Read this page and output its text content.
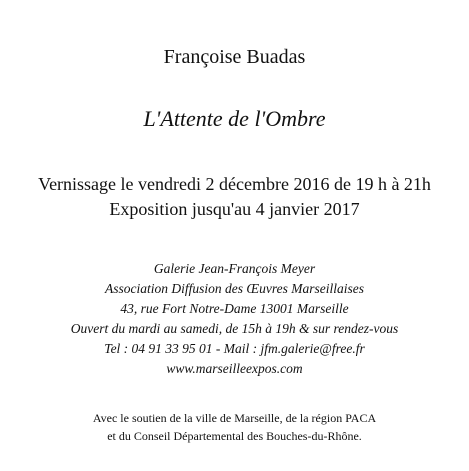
Françoise Buadas
L'Attente de l'Ombre
Vernissage le vendredi 2 décembre 2016 de 19 h à 21h
Exposition jusqu'au 4 janvier 2017
Galerie Jean-François Meyer
Association Diffusion des Œuvres Marseillaises
43, rue Fort Notre-Dame 13001 Marseille
Ouvert du mardi au samedi, de 15h à 19h & sur rendez-vous
Tel : 04 91 33 95 01 - Mail : jfm.galerie@free.fr
www.marseilleexpos.com
Avec le soutien de la ville de Marseille, de la région PACA
et du Conseil Départemental des Bouches-du-Rhône.
